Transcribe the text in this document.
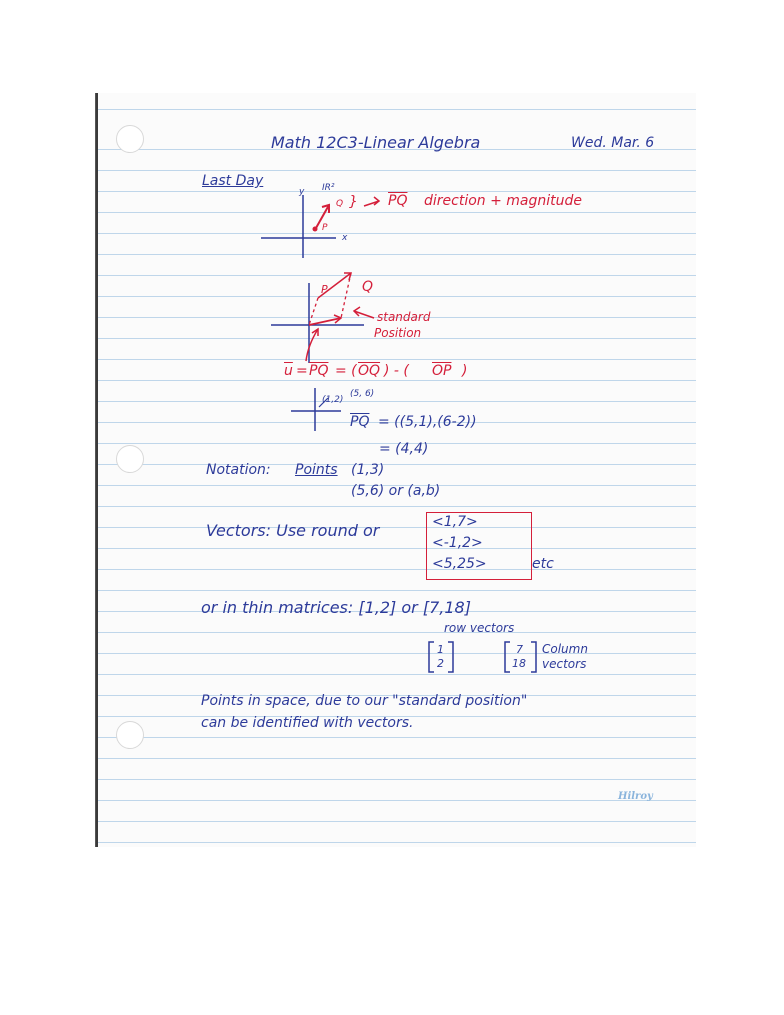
Math 12C3-Linear Algebra	Wed. Mar. 6
Last Day
y
x
IR²
P
Q } $\overline{PQ}$ direction + magnitude
P Q
standard
Position
$\overline{u} = \overline{PQ}$ = ( $\overline{OQ}$ ) - ( $\overline{OP}$ )
(1,2)
(5, 6)
$\overline{PQ} = ((5,1),(6-2))$
= (4,4)
Notation: Points (1,3)
(5,6) or (a,b)
Vectors: Use round or	<1,7>
<-1,2>
<5,25>	etc
or in thin matrices: [1,2] or [7,18]
row vectors
1
2
7
18
Column
vectors
Points in space, due to our "standard position"
can be identified with vectors.
Hilroy
